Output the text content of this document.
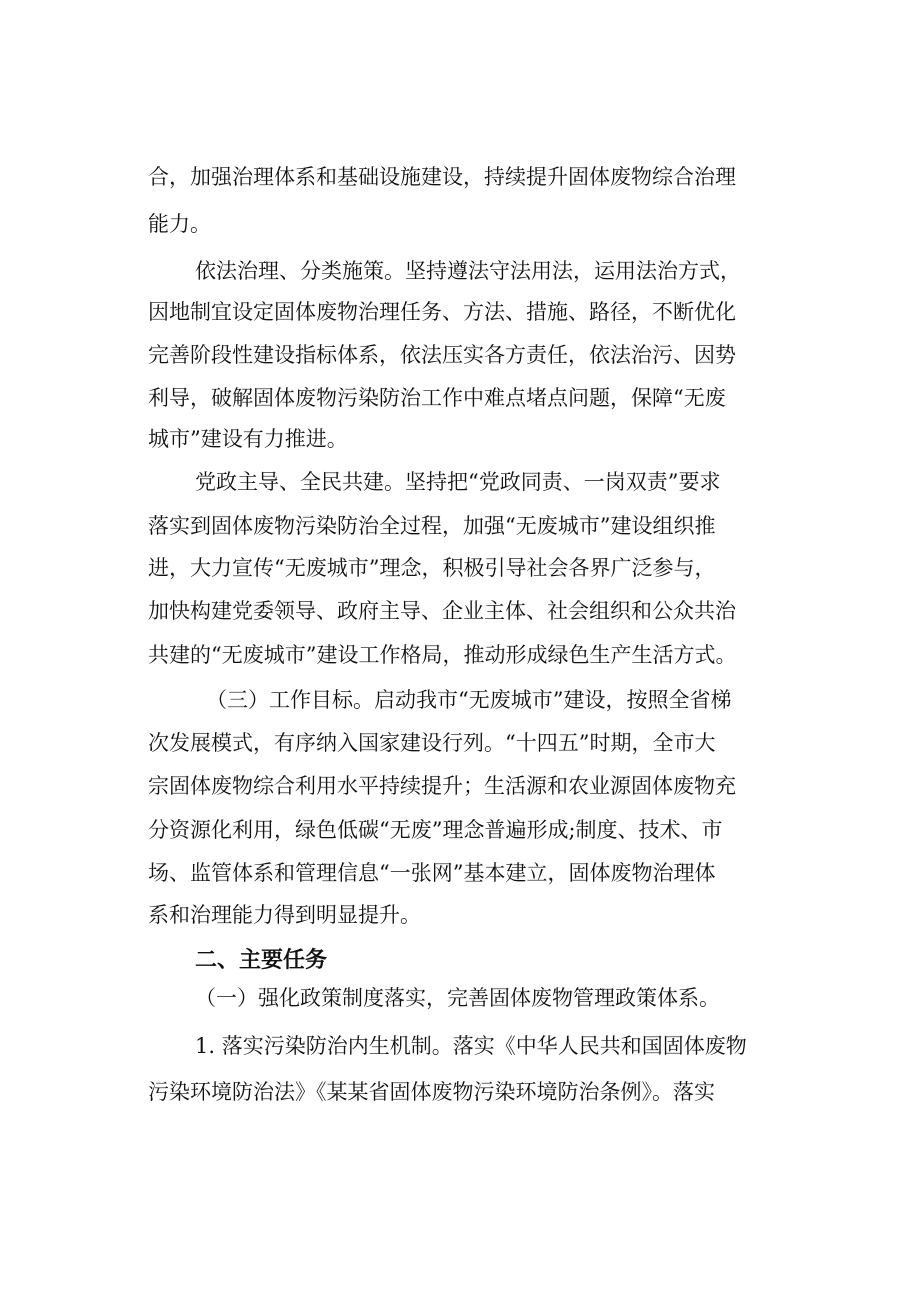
合，加强治理体系和基础设施建设，持续提升固体废物综合治理
能力。
依法治理、分类施策。坚持遵法守法用法，运用法治方式，
因地制宜设定固体废物治理任务、方法、措施、路径，不断优化
完善阶段性建设指标体系，依法压实各方责任，依法治污、因势
利导，破解固体废物污染防治工作中难点堵点问题，保障“无废
城市”建设有力推进。
党政主导、全民共建。坚持把“党政同责、一岗双责”要求
落实到固体废物污染防治全过程，加强“无废城市”建设组织推
进，大力宣传“无废城市”理念，积极引导社会各界广泛参与，
加快构建党委领导、政府主导、企业主体、社会组织和公众共治
共建的“无废城市”建设工作格局，推动形成绿色生产生活方式。
（三）工作目标。启动我市“无废城市”建设，按照全省梯
次发展模式，有序纳入国家建设行列。“十四五”时期，全市大
宗固体废物综合利用水平持续提升；生活源和农业源固体废物充
分资源化利用，绿色低碳“无废”理念普遍形成;制度、技术、市
场、监管体系和管理信息“一张网”基本建立，固体废物治理体
系和治理能力得到明显提升。
二、主要任务
（一）强化政策制度落实，完善固体废物管理政策体系。
1. 落实污染防治内生机制。落实《中华人民共和国固体废物
污染环境防治法》《某某省固体废物污染环境防治条例》。落实
